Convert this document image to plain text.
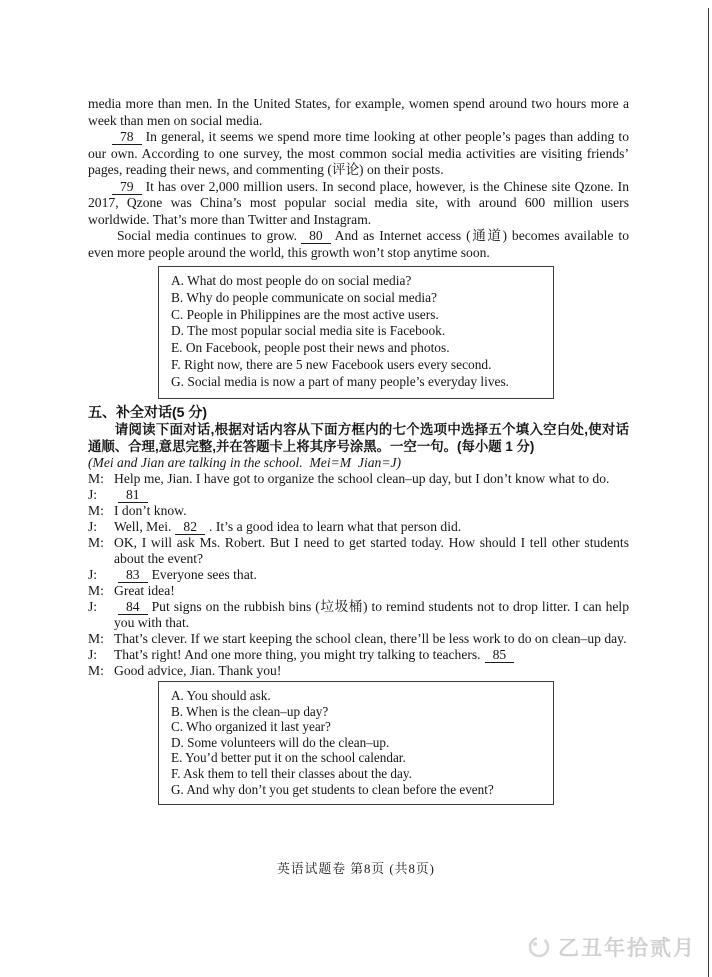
media more than men. In the United States, for example, women spend around two hours more a week than men on social media.

78 In general, it seems we spend more time looking at other people’s pages than adding to our own. According to one survey, the most common social media activities are visiting friends’ pages, reading their news, and commenting (评论) on their posts.

79 It has over 2,000 million users. In second place, however, is the Chinese site Qzone. In 2017, Qzone was China’s most popular social media site, with around 600 million users worldwide. That’s more than Twitter and Instagram.

Social media continues to grow. 80 And as Internet access (通道) becomes available to even more people around the world, this growth won’t stop anytime soon.

A. What do most people do on social media?

B. Why do people communicate on social media?

C. People in Philippines are the most active users.

D. The most popular social media site is Facebook.

E. On Facebook, people post their news and photos.

F. Right now, there are 5 new Facebook users every second.

G. Social media is now a part of many people’s everyday lives.

五、补全对话(5 分)

请阅读下面对话,根据对话内容从下面方框内的七个选项中选择五个填入空白处,使对话通顺、合理,意思完整,并在答题卡上将其序号涂黑。一空一句。(每小题 1 分)

(Mei and Jian are talking in the school.  Mei=M  Jian=J)

M: Help me, Jian. I have got to organize the school clean–up day, but I don’t know what to do.

J: 81

M: I don’t know.

J: Well, Mei. 82 . It’s a good idea to learn what that person did.

M: OK, I will ask Ms. Robert. But I need to get started today. How should I tell other students about the event?

J: 83 Everyone sees that.

M: Great idea!

J: 84 Put signs on the rubbish bins (垃圾桶) to remind students not to drop litter. I can help you with that.

M: That’s clever. If we start keeping the school clean, there’ll be less work to do on clean–up day.

J: That’s right! And one more thing, you might try talking to teachers. 85

M: Good advice, Jian. Thank you!

A. You should ask.

B. When is the clean–up day?

C. Who organized it last year?

D. Some volunteers will do the clean–up.

E. You’d better put it on the school calendar.

F. Ask them to tell their classes about the day.

G. And why don’t you get students to clean before the event?

英语试题卷 第8页 (共8页)
乙丑年拾贰月
